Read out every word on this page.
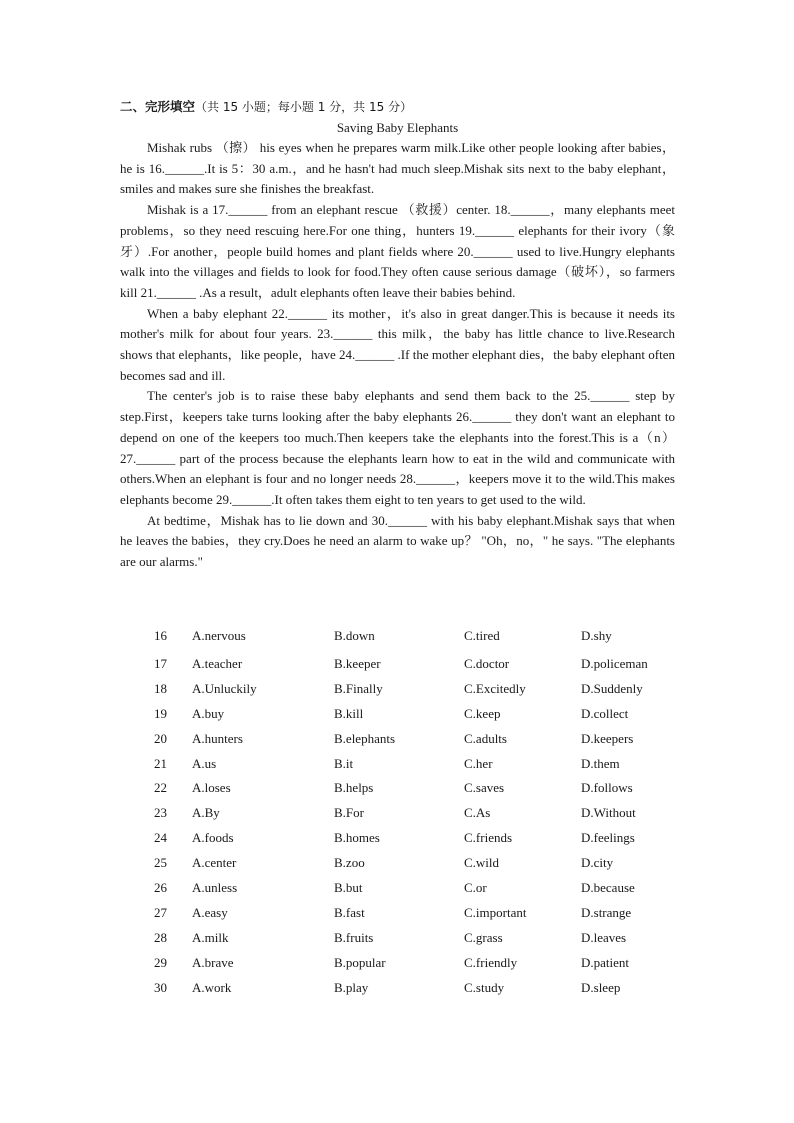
二、完形填空（共 15 小题；每小题 1 分，共 15 分）
Saving Baby Elephants

Mishak rubs （擦） his eyes when he prepares warm milk.Like other people looking after babies，he is 16.______.It is 5：30 a.m.，and he hasn't had much sleep.Mishak sits next to the baby elephant，smiles and makes sure she finishes the breakfast.

Mishak is a 17.______ from an elephant rescue （救援）center. 18.______，many elephants meet problems，so they need rescuing here.For one thing，hunters 19.______ elephants for their ivory（象牙）.For another，people build homes and plant fields where 20.______ used to live.Hungry elephants walk into the villages and fields to look for food.They often cause serious damage（破坏），so farmers kill 21.______ .As a result，adult elephants often leave their babies behind.

When a baby elephant 22.______ its mother，it's also in great danger.This is because it needs its mother's milk for about four years. 23.______ this milk，the baby has little chance to live.Research shows that elephants，like people，have 24.______ .If the mother elephant dies，the baby elephant often becomes sad and ill.

The center's job is to raise these baby elephants and send them back to the 25.______ step by step.First，keepers take turns looking after the baby elephants 26.______ they don't want an elephant to depend on one of the keepers too much.Then keepers take the elephants into the forest.This is a（n）27.______ part of the process because the elephants learn how to eat in the wild and communicate with others.When an elephant is four and no longer needs 28.______，keepers move it to the wild.This makes elephants become 29.______.It often takes them eight to ten years to get used to the wild.

At bedtime，Mishak has to lie down and 30.______ with his baby elephant.Mishak says that when he leaves the babies，they cry.Does he need an alarm to wake up？ "Oh，no，" he says. "The elephants are our alarms."

16 A.nervous	B.down	C.tired	D.shy
17 A.teacher	B.keeper	C.doctor	D.policeman
18 A.Unluckily	B.Finally	C.Excitedly	D.Suddenly
19 A.buy	B.kill	C.keep	D.collect
20 A.hunters	B.elephants	C.adults	D.keepers
21 A.us	B.it	C.her	D.them
22 A.loses	B.helps	C.saves	D.follows
23 A.By	B.For	C.As	D.Without
24 A.foods	B.homes	C.friends	D.feelings
25 A.center	B.zoo	C.wild	D.city
26 A.unless	B.but	C.or	D.because
27 A.easy	B.fast	C.important	D.strange
28 A.milk	B.fruits	C.grass	D.leaves
29 A.brave	B.popular	C.friendly	D.patient
30 A.work	B.play	C.study	D.sleep
